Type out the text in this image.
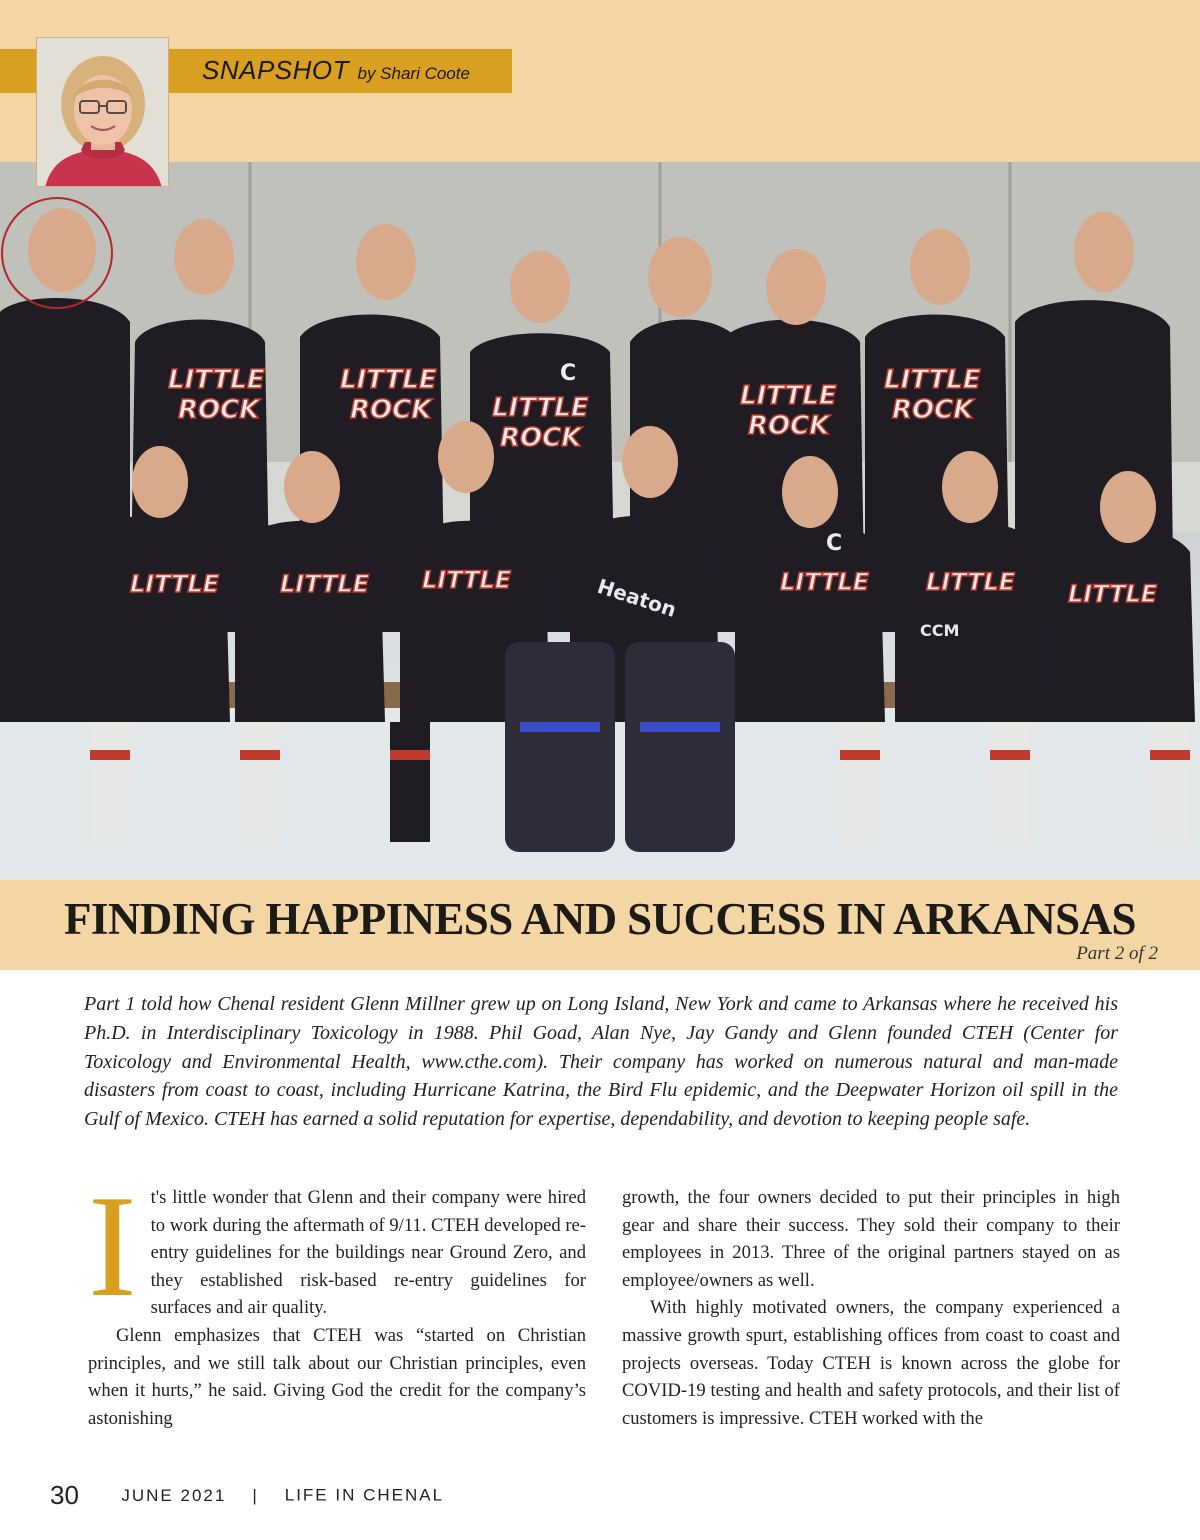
SNAPSHOT by Shari Coote
LITTLE
ROCK
LITTLE
ROCK LITTLE
ROCK
LITTLE
ROCK
LITTLE
ROCK
LITTLE	LITTLE LITTLE	LITTLE LITTLE LITTLE
C
C
Heaton
CCM
FINDING HAPPINESS AND SUCCESS IN ARKANSAS
Part 2 of 2
Part 1 told how Chenal resident Glenn Millner grew up on Long Island, New York and came to Arkansas where he received his Ph.D. in Interdisciplinary Toxicology in 1988. Phil Goad, Alan Nye, Jay Gandy and Glenn founded CTEH (Center for Toxicology and Environmental Health, www.cthe.com). Their company has worked on numerous natural and man-made disasters from coast to coast, including Hurricane Katrina, the Bird Flu epidemic, and the Deepwater Horizon oil spill in the Gulf of Mexico. CTEH has earned a solid reputation for expertise, dependability, and devotion to keeping people safe.

It's little wonder that Glenn and their company were hired to work during the aftermath of 9/11. CTEH developed re-entry guidelines for the buildings near Ground Zero, and they established risk-based re-entry guidelines for surfaces and air quality.

Glenn emphasizes that CTEH was “started on Christian principles, and we still talk about our Christian principles, even when it hurts,” he said. Giving God the credit for the company’s astonishing

growth, the four owners decided to put their principles in high gear and share their success. They sold their company to their employees in 2013. Three of the original partners stayed on as employee/owners as well.

With highly motivated owners, the company experienced a massive growth spurt, establishing offices from coast to coast and projects overseas. Today CTEH is known across the globe for COVID-19 testing and health and safety protocols, and their list of customers is impressive. CTEH worked with the

30 JUNE 2021 | LIFE IN CHENAL
